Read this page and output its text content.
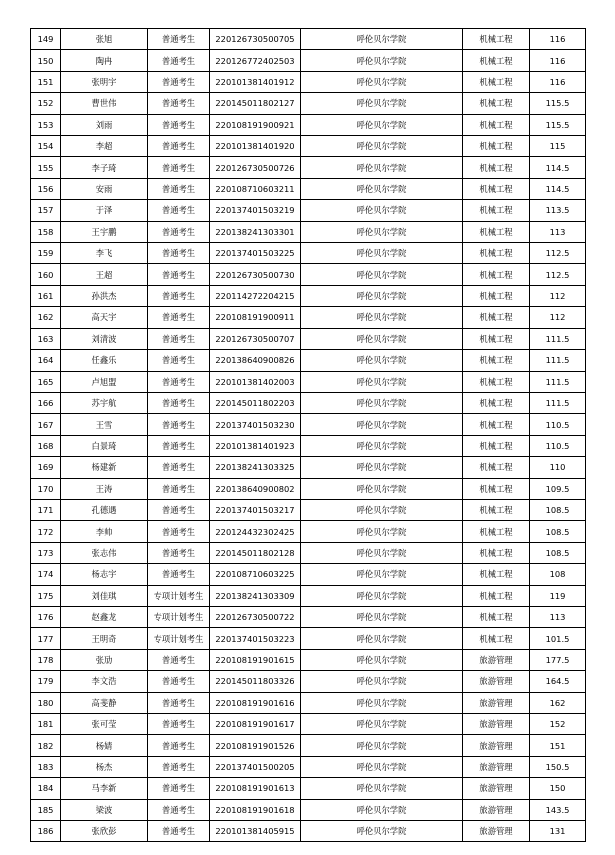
149	张旭	普通考生	220126730500705	呼伦贝尔学院	机械工程	116
150	陶冉	普通考生	220126772402503	呼伦贝尔学院	机械工程	116
151	张明宇	普通考生	220101381401912	呼伦贝尔学院	机械工程	116
152	曹世伟	普通考生	220145011802127	呼伦贝尔学院	机械工程	115.5
153	刘雨	普通考生	220108191900921	呼伦贝尔学院	机械工程	115.5
154	李超	普通考生	220101381401920	呼伦贝尔学院	机械工程	115
155	李子琦	普通考生	220126730500726	呼伦贝尔学院	机械工程	114.5
156	安雨	普通考生	220108710603211	呼伦贝尔学院	机械工程	114.5
157	于泽	普通考生	220137401503219	呼伦贝尔学院	机械工程	113.5
158	王宇鹏	普通考生	220138241303301	呼伦贝尔学院	机械工程	113
159	李飞	普通考生	220137401503225	呼伦贝尔学院	机械工程	112.5
160	王超	普通考生	220126730500730	呼伦贝尔学院	机械工程	112.5
161	孙洪杰	普通考生	220114272204215	呼伦贝尔学院	机械工程	112
162	高天宇	普通考生	220108191900911	呼伦贝尔学院	机械工程	112
163	刘清波	普通考生	220126730500707	呼伦贝尔学院	机械工程	111.5
164	任鑫乐	普通考生	220138640900826	呼伦贝尔学院	机械工程	111.5
165	卢旭盟	普通考生	220101381402003	呼伦贝尔学院	机械工程	111.5
166	苏宇航	普通考生	220145011802203	呼伦贝尔学院	机械工程	111.5
167	王雪	普通考生	220137401503230	呼伦贝尔学院	机械工程	110.5
168	白景琦	普通考生	220101381401923	呼伦贝尔学院	机械工程	110.5
169	杨建新	普通考生	220138241303325	呼伦贝尔学院	机械工程	110
170	王涛	普通考生	220138640900802	呼伦贝尔学院	机械工程	109.5
171	孔德遇	普通考生	220137401503217	呼伦贝尔学院	机械工程	108.5
172	李帅	普通考生	220124432302425	呼伦贝尔学院	机械工程	108.5
173	张志伟	普通考生	220145011802128	呼伦贝尔学院	机械工程	108.5
174	杨志宇	普通考生	220108710603225	呼伦贝尔学院	机械工程	108
175	刘佳琪	专项计划考生	220138241303309	呼伦贝尔学院	机械工程	119
176	赵鑫龙	专项计划考生	220126730500722	呼伦贝尔学院	机械工程	113
177	王明奇	专项计划考生	220137401503223	呼伦贝尔学院	机械工程	101.5
178	张劢	普通考生	220108191901615	呼伦贝尔学院	旅游管理	177.5
179	李文浩	普通考生	220145011803326	呼伦贝尔学院	旅游管理	164.5
180	高斐静	普通考生	220108191901616	呼伦贝尔学院	旅游管理	162
181	张可莹	普通考生	220108191901617	呼伦贝尔学院	旅游管理	152
182	杨婧	普通考生	220108191901526	呼伦贝尔学院	旅游管理	151
183	杨杰	普通考生	220137401500205	呼伦贝尔学院	旅游管理	150.5
184	马李新	普通考生	220108191901613	呼伦贝尔学院	旅游管理	150
185	梁波	普通考生	220108191901618	呼伦贝尔学院	旅游管理	143.5
186	张欣彭	普通考生	220101381405915	呼伦贝尔学院	旅游管理	131
